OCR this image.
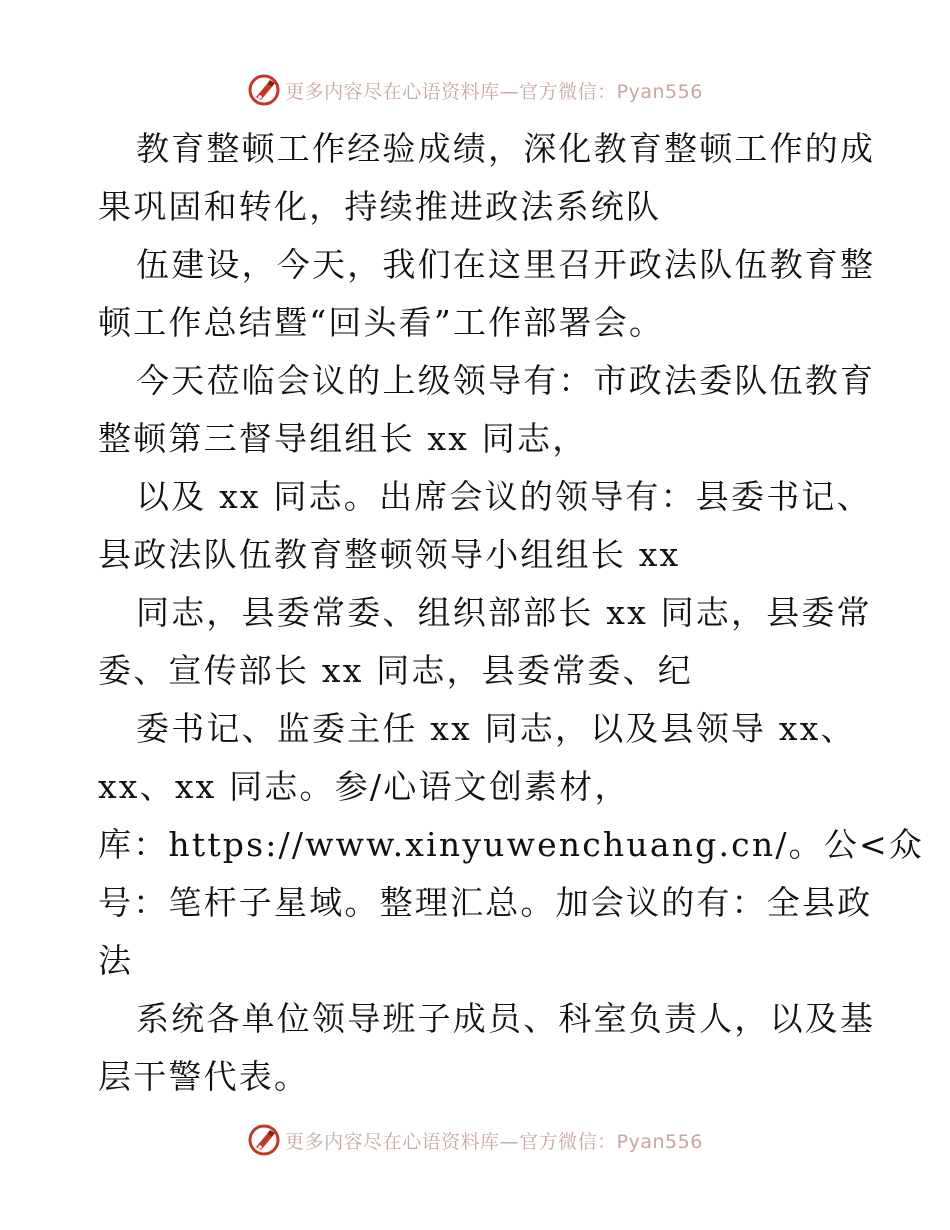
更多内容尽在心语资料库—官方微信：Pyan556
教育整顿工作经验成绩，深化教育整顿工作的成
果巩固和转化，持续推进政法系统队
伍建设，今天，我们在这里召开政法队伍教育整
顿工作总结暨“回头看”工作部署会。
今天莅临会议的上级领导有：市政法委队伍教育
整顿第三督导组组长 xx 同志，
以及 xx 同志。出席会议的领导有：县委书记、
县政法队伍教育整顿领导小组组长 xx
同志，县委常委、组织部部长 xx 同志，县委常
委、宣传部长 xx 同志，县委常委、纪
委书记、监委主任 xx 同志，以及县领导 xx、
xx、xx 同志。参/心语文创素材，
库：https://www.xinyuwenchuang.cn/。公<众
号：笔杆子星域。整理汇总。加会议的有：全县政
法
系统各单位领导班子成员、科室负责人，以及基
层干警代表。
更多内容尽在心语资料库—官方微信：Pyan556
